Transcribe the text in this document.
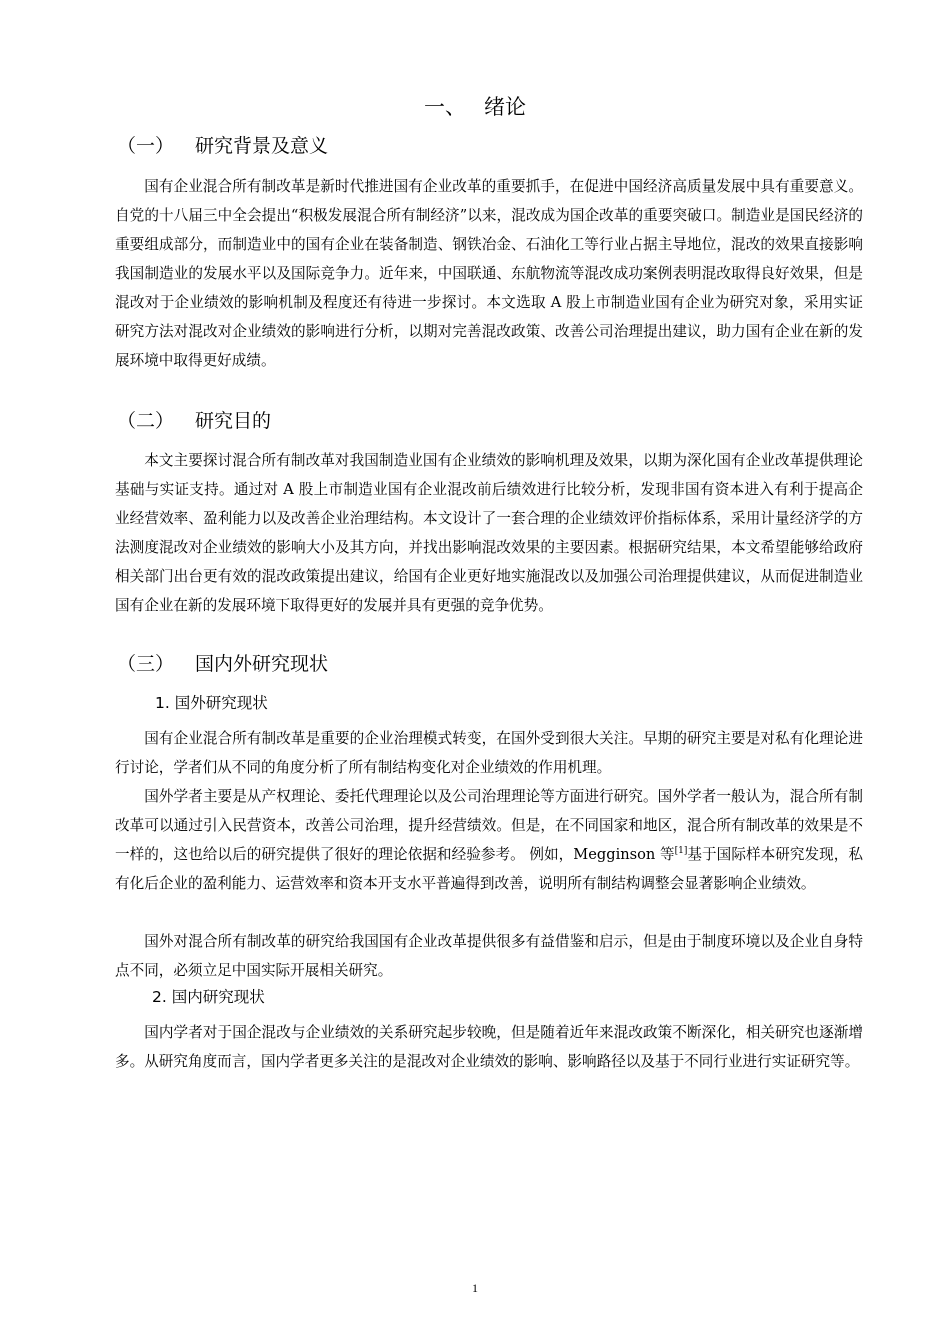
一、 绪论
（一） 研究背景及意义

国有企业混合所有制改革是新时代推进国有企业改革的重要抓手，在促进中国经济高质量发展中具有重要意义。自党的十八届三中全会提出“积极发展混合所有制经济”以来，混改成为国企改革的重要突破口。制造业是国民经济的重要组成部分，而制造业中的国有企业在装备制造、钢铁冶金、石油化工等行业占据主导地位，混改的效果直接影响我国制造业的发展水平以及国际竞争力。近年来，中国联通、东航物流等混改成功案例表明混改取得良好效果，但是混改对于企业绩效的影响机制及程度还有待进一步探讨。本文选取 A 股上市制造业国有企业为研究对象，采用实证研究方法对混改对企业绩效的影响进行分析，以期对完善混改政策、改善公司治理提出建议，助力国有企业在新的发展环境中取得更好成绩。

（二） 研究目的

本文主要探讨混合所有制改革对我国制造业国有企业绩效的影响机理及效果，以期为深化国有企业改革提供理论基础与实证支持。通过对 A 股上市制造业国有企业混改前后绩效进行比较分析，发现非国有资本进入有利于提高企业经营效率、盈利能力以及改善企业治理结构。本文设计了一套合理的企业绩效评价指标体系，采用计量经济学的方法测度混改对企业绩效的影响大小及其方向，并找出影响混改效果的主要因素。根据研究结果，本文希望能够给政府相关部门出台更有效的混改政策提出建议，给国有企业更好地实施混改以及加强公司治理提供建议，从而促进制造业国有企业在新的发展环境下取得更好的发展并具有更强的竞争优势。

（三） 国内外研究现状
1. 国外研究现状

国有企业混合所有制改革是重要的企业治理模式转变，在国外受到很大关注。早期的研究主要是对私有化理论进行讨论，学者们从不同的角度分析了所有制结构变化对企业绩效的作用机理。

国外学者主要是从产权理论、委托代理理论以及公司治理理论等方面进行研究。国外学者一般认为，混合所有制改革可以通过引入民营资本，改善公司治理，提升经营绩效。但是，在不同国家和地区，混合所有制改革的效果是不一样的，这也给以后的研究提供了很好的理论依据和经验参考。 例如，Megginson 等[1]基于国际样本研究发现，私有化后企业的盈利能力、运营效率和资本开支水平普遍得到改善，说明所有制结构调整会显著影响企业绩效。

国外对混合所有制改革的研究给我国国有企业改革提供很多有益借鉴和启示，但是由于制度环境以及企业自身特点不同，必须立足中国实际开展相关研究。

2. 国内研究现状

国内学者对于国企混改与企业绩效的关系研究起步较晚，但是随着近年来混改政策不断深化，相关研究也逐渐增多。从研究角度而言，国内学者更多关注的是混改对企业绩效的影响、影响路径以及基于不同行业进行实证研究等。

1
